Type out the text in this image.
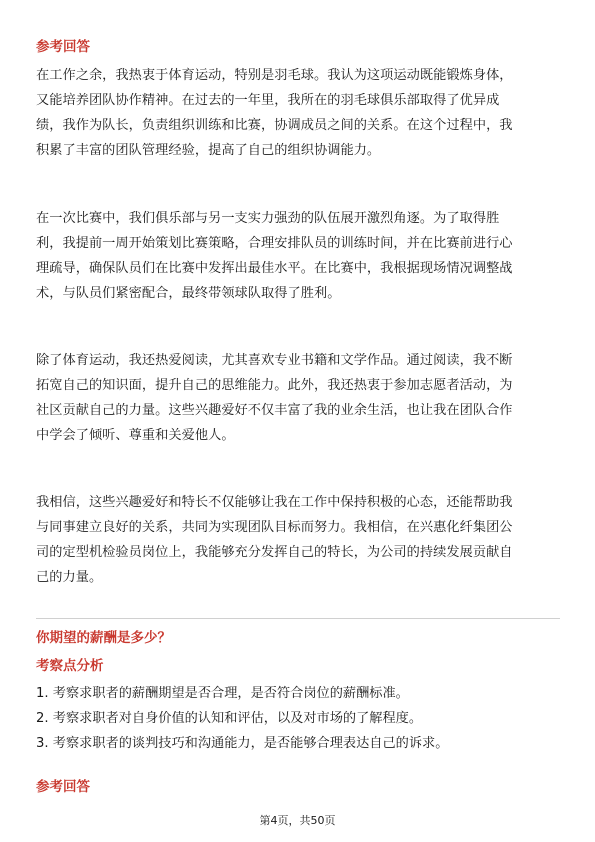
参考回答

在工作之余，我热衷于体育运动，特别是羽毛球。我认为这项运动既能锻炼身体，
又能培养团队协作精神。在过去的一年里，我所在的羽毛球俱乐部取得了优异成
绩，我作为队长，负责组织训练和比赛，协调成员之间的关系。在这个过程中，我
积累了丰富的团队管理经验，提高了自己的组织协调能力。

在一次比赛中，我们俱乐部与另一支实力强劲的队伍展开激烈角逐。为了取得胜
利，我提前一周开始策划比赛策略，合理安排队员的训练时间，并在比赛前进行心
理疏导，确保队员们在比赛中发挥出最佳水平。在比赛中，我根据现场情况调整战
术，与队员们紧密配合，最终带领球队取得了胜利。

除了体育运动，我还热爱阅读，尤其喜欢专业书籍和文学作品。通过阅读，我不断
拓宽自己的知识面，提升自己的思维能力。此外，我还热衷于参加志愿者活动，为
社区贡献自己的力量。这些兴趣爱好不仅丰富了我的业余生活，也让我在团队合作
中学会了倾听、尊重和关爱他人。

我相信，这些兴趣爱好和特长不仅能够让我在工作中保持积极的心态，还能帮助我
与同事建立良好的关系，共同为实现团队目标而努力。我相信，在兴惠化纤集团公
司的定型机检验员岗位上，我能够充分发挥自己的特长，为公司的持续发展贡献自
己的力量。

你期望的薪酬是多少？
考察点分析
1. 考察求职者的薪酬期望是否合理，是否符合岗位的薪酬标准。
2. 考察求职者对自身价值的认知和评估，以及对市场的了解程度。
3. 考察求职者的谈判技巧和沟通能力，是否能够合理表达自己的诉求。
参考回答
第4页，共50页
